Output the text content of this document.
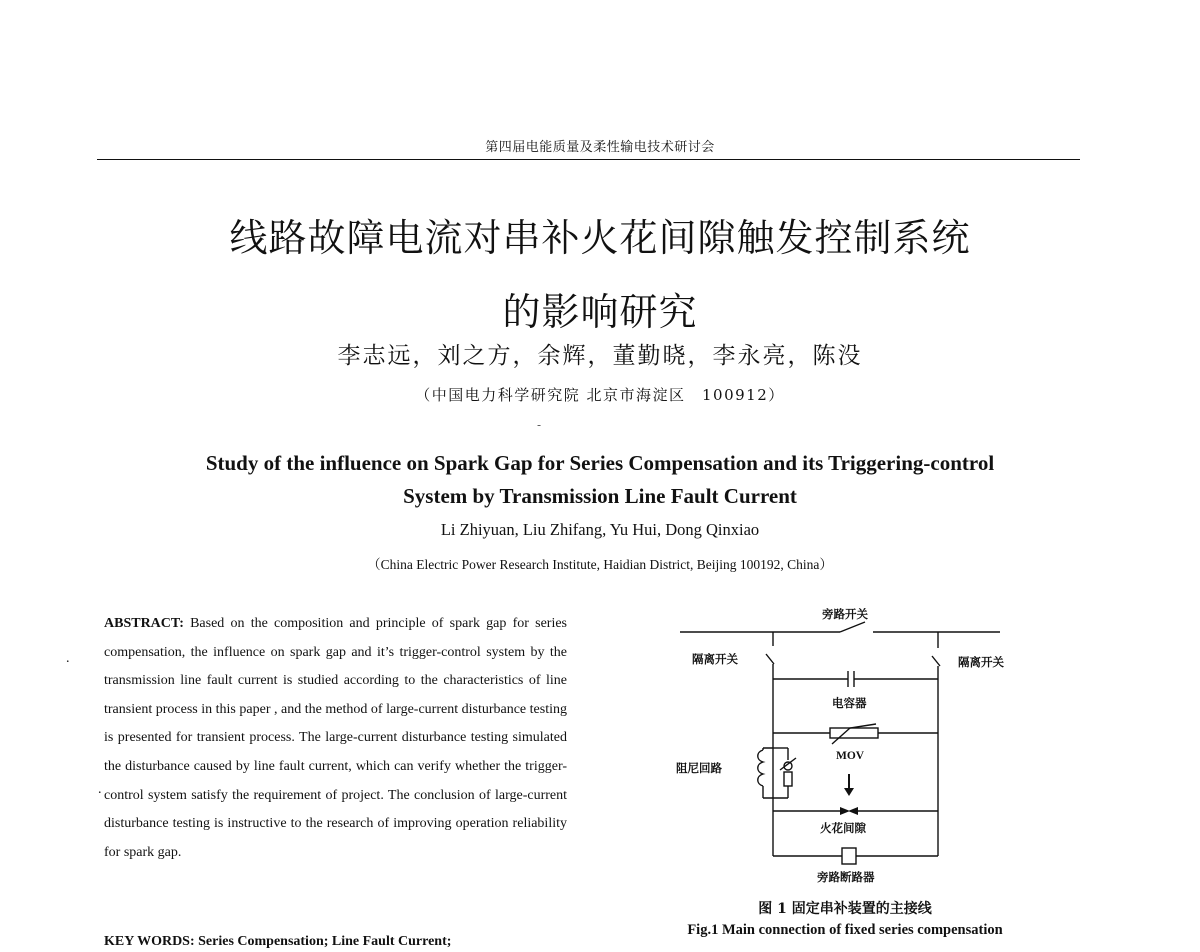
第四届电能质量及柔性输电技术研讨会
线路故障电流对串补火花间隙触发控制系统
的影响研究
李志远，刘之方，余辉，董勤晓，李永亮，陈没
（中国电力科学研究院 北京市海淀区　100912）
-
Study of the influence on Spark Gap for Series Compensation and its Triggering-control
System by Transmission Line Fault Current
Li Zhiyuan, Liu Zhifang, Yu Hui, Dong Qinxiao
（China Electric Power Research Institute, Haidian District, Beijing 100192, China）
.
.
ABSTRACT: Based on the composition and principle of spark gap for series compensation, the influence on spark gap and it’s trigger-control system by the transmission line fault current is studied according to the characteristics of line transient process in this paper , and the method of large-current disturbance testing is presented for transient process. The large-current disturbance testing simulated the disturbance caused by line fault current, which can verify whether the trigger-control system satisfy the requirement of project. The conclusion of large-current disturbance testing is instructive to the research of improving operation reliability for spark gap.
KEY WORDS: Series Compensation; Line Fault Current;
旁路开关
隔离开关	隔离开关
电容器
阻尼回路
MOV
火花间隙
旁路断路器
图 1 固定串补装置的主接线
Fig.1 Main connection of fixed series compensation
